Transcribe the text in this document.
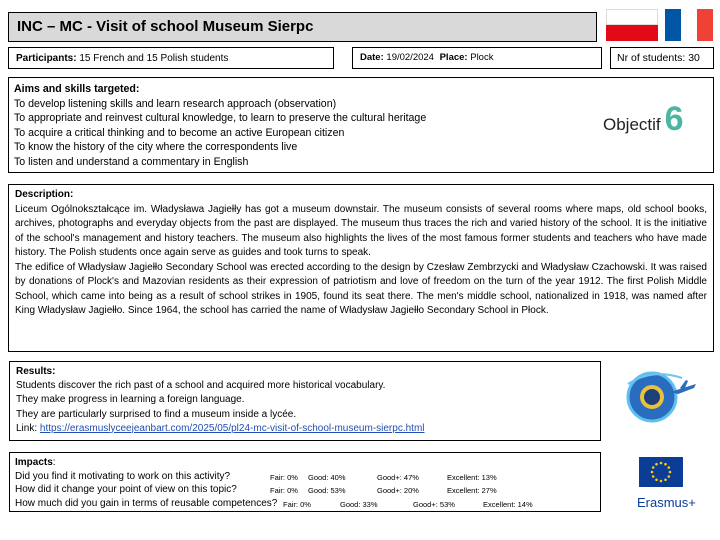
INC – MC - Visit of school Museum Sierpc
Participants: 15 French and 15 Polish students	Date: 19/02/2024 Place: Plock	Nr of students: 30
Aims and skills targeted:
To develop listening skills and learn research approach (observation)
To appropriate and reinvest cultural knowledge, to learn to preserve the cultural heritage
To acquire a critical thinking and to become an active European citizen
To know the history of the city where the correspondents live
To listen and understand a commentary in English
Objectif 6
Description:

Liceum Ogólnokształcące im. Władysława Jagiełły has got a museum downstair. The museum consists of several rooms where maps, old school books, archives, photographs and everyday objects from the past are displayed. The museum thus traces the rich and varied history of the school. It is the initiative of the school's management and history teachers. The museum also highlights the lives of the most famous former students and teachers who have made history. The Polish students once again serve as guides and took turns to speak.

The edifice of Władysław Jagiełło Secondary School was erected according to the design by Czesław Zembrzycki and Władysław Czachowski. It was raised by donations of Plock's and Mazovian residents as their expression of patriotism and love of freedom on the turn of the year 1912. The first Polish Middle School, which came into being as a result of school strikes in 1905, found its seat there. The men's middle school, nationalized in 1918, was named after King Władysław Jagiełło. Since 1964, the school has carried the name of Władysław Jagiełło Secondary School in Płock.

Results:
Students discover the rich past of a school and acquired more historical vocabulary.
They make progress in learning a foreign language.
They are particularly surprised to find a museum inside a lycée.
Link: https://erasmuslyceejeanbart.com/2025/05/pl24-mc-visit-of-school-museum-sierpc.html
Impacts:
Did you find it motivating to work on this activity?	Fair: 0% Good: 40%	Good+: 47%	Excellent: 13%
How did it change your point of view on this topic?	Fair: 0% Good: 53%	Good+: 20%	Excellent: 27%
How much did you gain in terms of reusable competences? Fair: 0%	Good: 33%	Good+: 53%	Excellent: 14%	Erasmus+
